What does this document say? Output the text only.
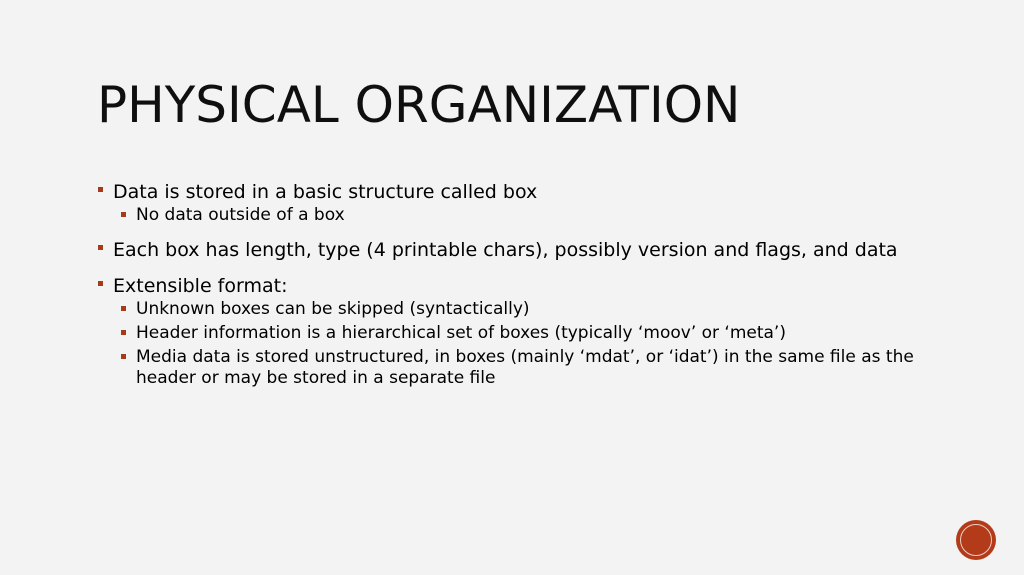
PHYSICAL ORGANIZATION
Data is stored in a basic structure called box
No data outside of a box
Each box has length, type (4 printable chars), possibly version and flags, and data
Extensible format:
Unknown boxes can be skipped (syntactically)
Header information is a hierarchical set of boxes (typically ‘moov’ or ‘meta’)
Media data is stored unstructured, in boxes (mainly ‘mdat’, or ‘idat’) in the same file as the header or may be stored in a separate file
